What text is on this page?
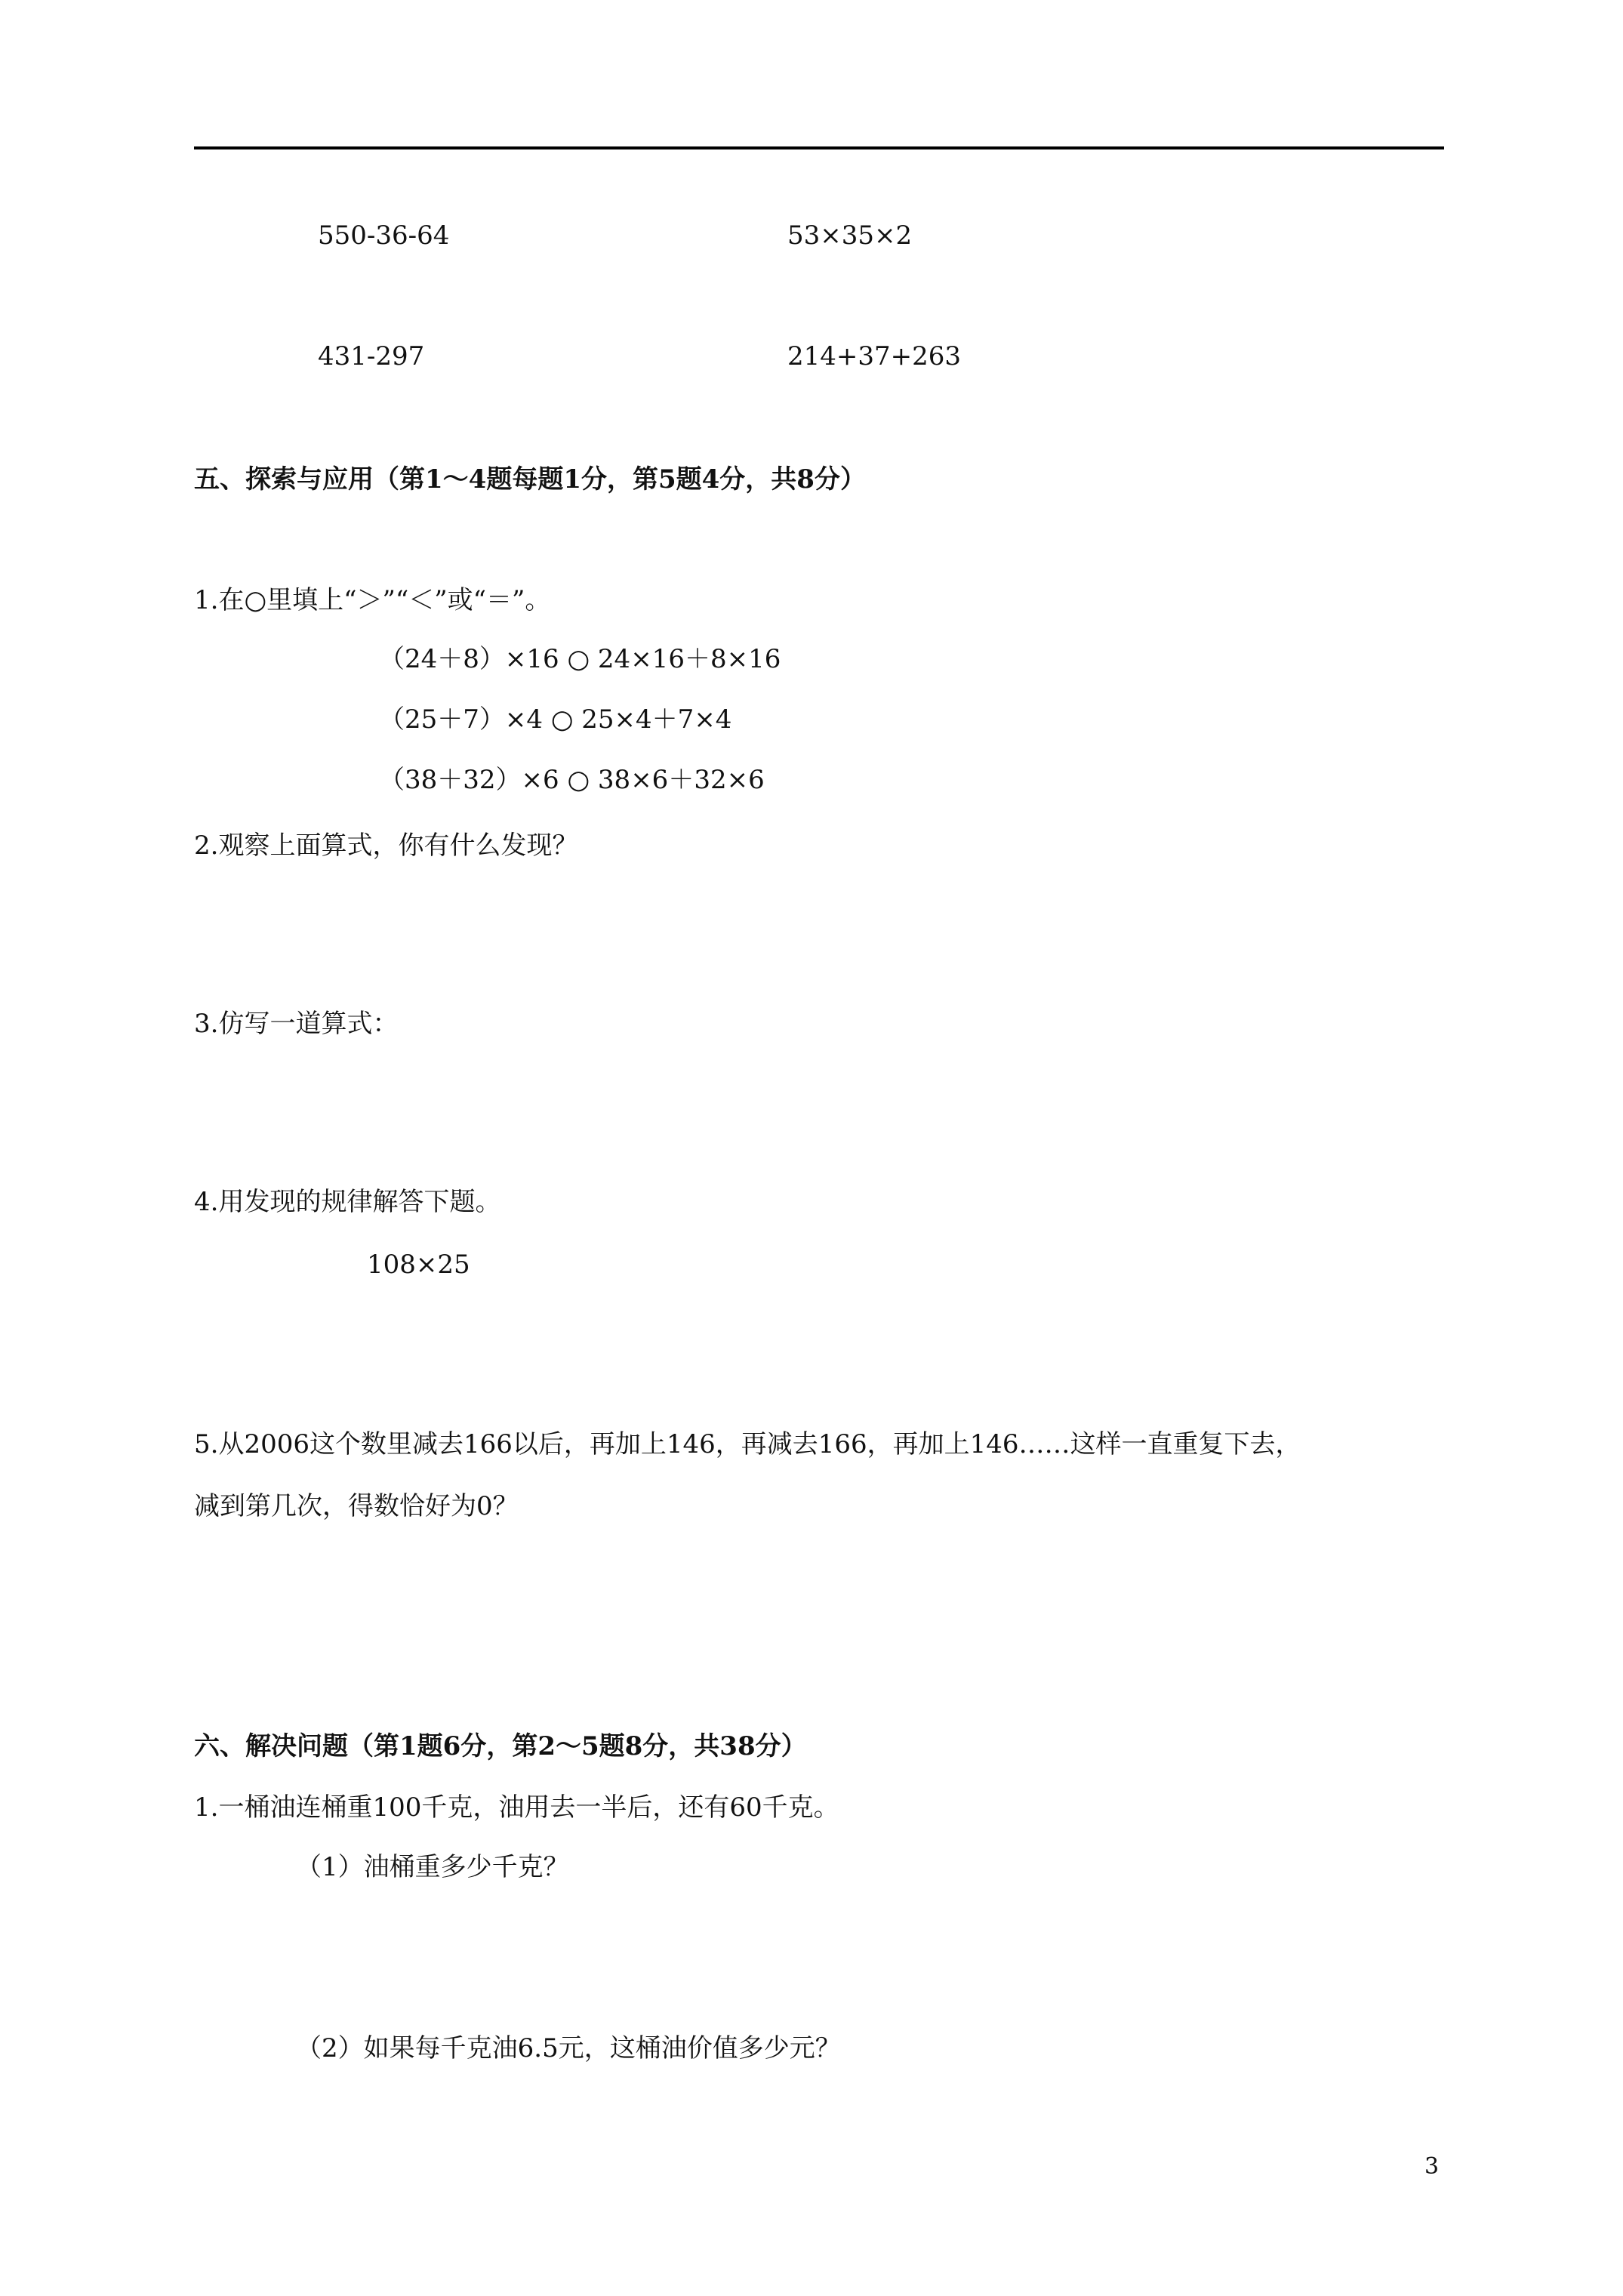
550-36-64	53×35×2
431-297	214+37+263
五、探索与应用（第1～4题每题1分，第5题4分，共8分）
1.在○里填上“＞”“＜”或“＝”。
（24＋8）×16 ○ 24×16＋8×16
（25＋7）×4 ○ 25×4＋7×4
（38＋32）×6 ○ 38×6＋32×6
2.观察上面算式，你有什么发现？
3.仿写一道算式：
4.用发现的规律解答下题。
108×25
5.从2006这个数里减去166以后，再加上146，再减去166，再加上146……这样一直重复下去，
减到第几次，得数恰好为0？
六、解决问题（第1题6分，第2～5题8分，共38分）
1.一桶油连桶重100千克，油用去一半后，还有60千克。
（1）油桶重多少千克？
（2）如果每千克油6.5元，这桶油价值多少元？
3
